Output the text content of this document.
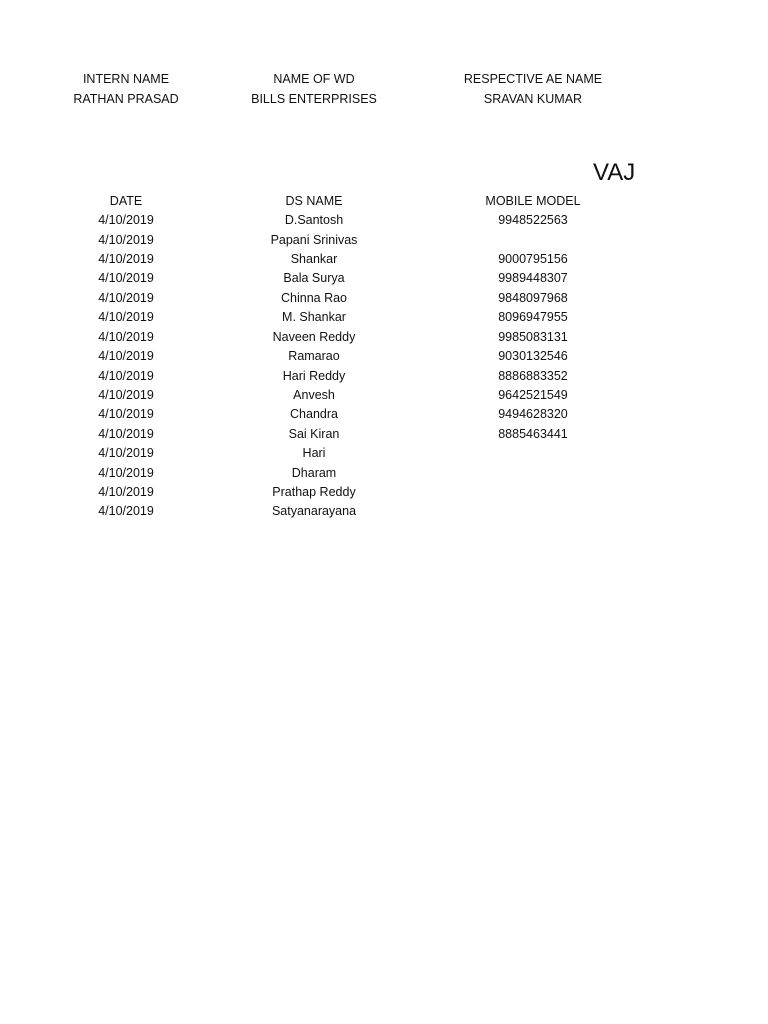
INTERN NAME	NAME OF WD	RESPECTIVE AE NAME
RATHAN PRASAD	BILLS ENTERPRISES	SRAVAN KUMAR
VAJ
DATE	DS NAME	MOBILE MODEL
4/10/2019	D.Santosh	9948522563
4/10/2019	Papani Srinivas
4/10/2019	Shankar	9000795156
4/10/2019	Bala Surya	9989448307
4/10/2019	Chinna Rao	9848097968
4/10/2019	M. Shankar	8096947955
4/10/2019	Naveen Reddy	9985083131
4/10/2019	Ramarao	9030132546
4/10/2019	Hari Reddy	8886883352
4/10/2019	Anvesh	9642521549
4/10/2019	Chandra	9494628320
4/10/2019	Sai Kiran	8885463441
4/10/2019	Hari
4/10/2019	Dharam
4/10/2019	Prathap Reddy
4/10/2019	Satyanarayana
